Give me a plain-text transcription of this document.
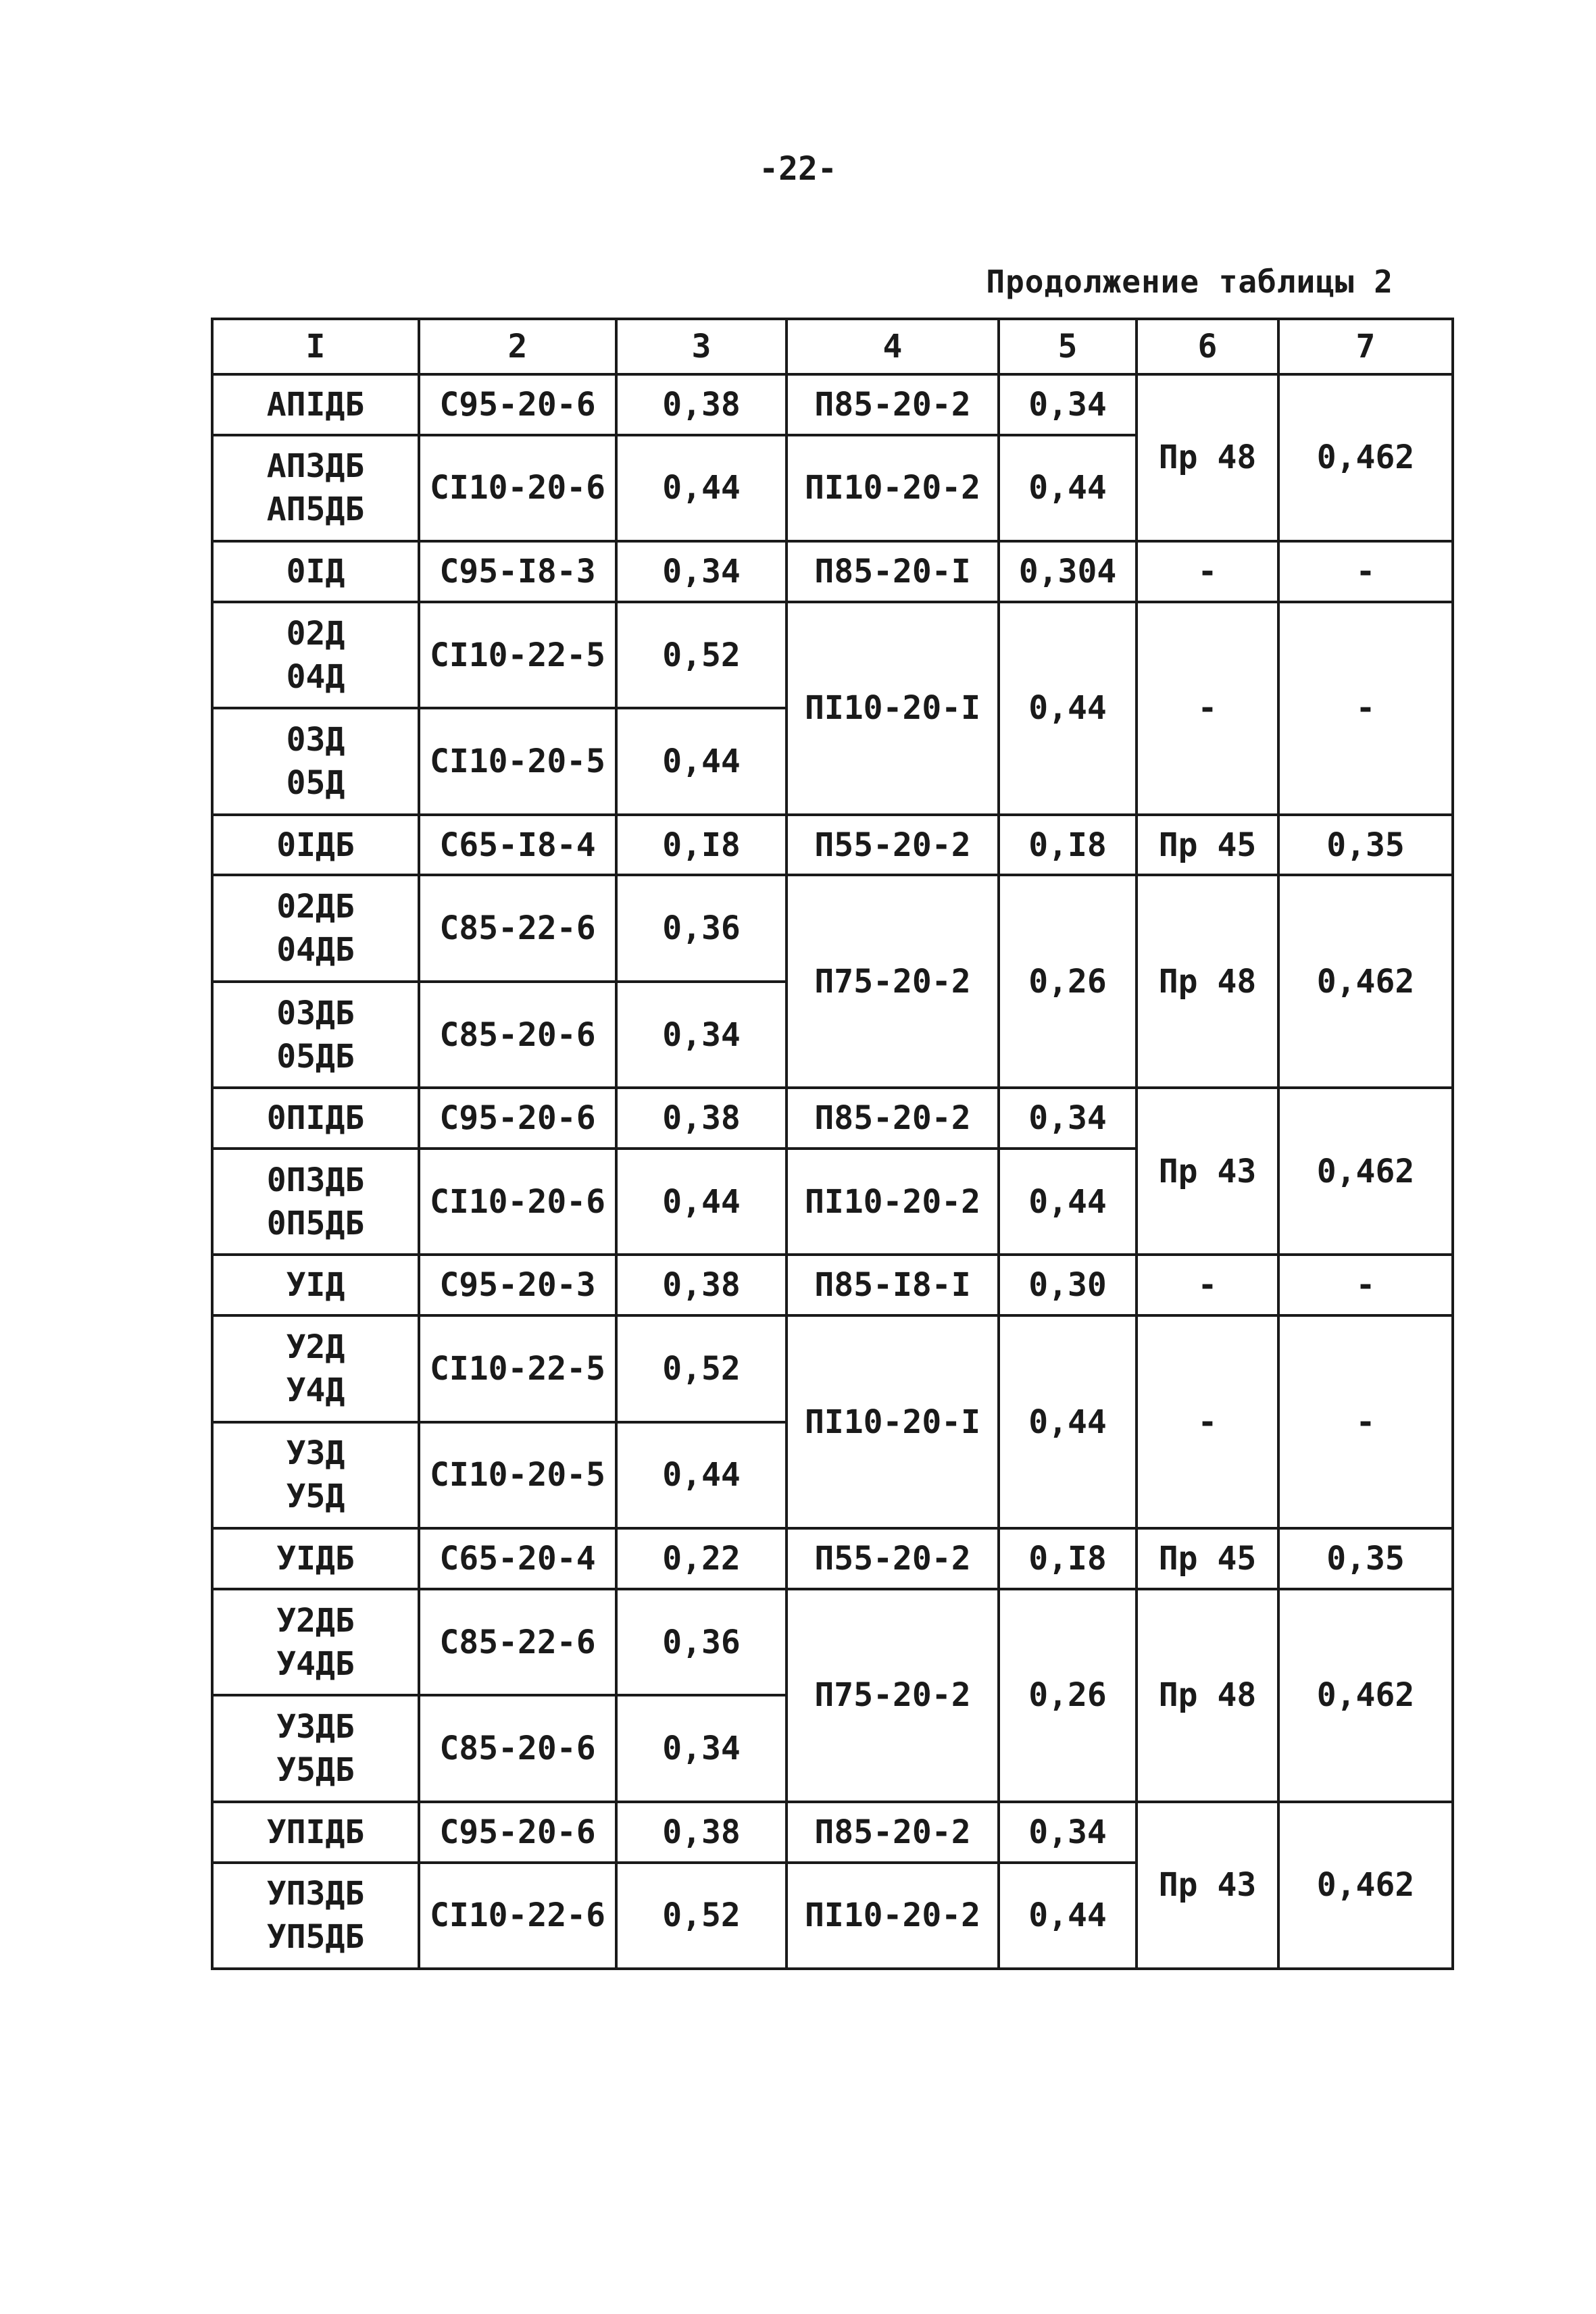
-22-
Продолжение таблицы 2
I	2	3	4	5	6	7

АПIДБ	С95-20-6	0,38	П85-20-2	0,34	Пр 48	0,462

АП3ДБ
АП5ДБ	СI10-20-6	0,44	ПI10-20-2	0,44		

0IД	С95-I8-3	0,34	П85-20-I	0,304	-	-

02Д
04Д	СI10-22-5	0,52	ПI10-20-I	0,44	-	-

03Д
05Д	СI10-20-5	0,44				

0IДБ	С65-I8-4	0,I8	П55-20-2	0,I8	Пр 45	0,35

02ДБ
04ДБ	С85-22-6	0,36	П75-20-2	0,26	Пр 48	0,462

03ДБ
05ДБ	С85-20-6	0,34				

0ПIДБ	С95-20-6	0,38	П85-20-2	0,34	Пр 43	0,462

0П3ДБ
0П5ДБ	СI10-20-6	0,44	ПI10-20-2	0,44		

УIД	С95-20-3	0,38	П85-I8-I	0,30	-	-

У2Д
У4Д	СI10-22-5	0,52	ПI10-20-I	0,44	-	-

У3Д
У5Д	СI10-20-5	0,44				

УIДБ	С65-20-4	0,22	П55-20-2	0,I8	Пр 45	0,35

У2ДБ
У4ДБ	С85-22-6	0,36	П75-20-2	0,26	Пр 48	0,462

У3ДБ
У5ДБ	С85-20-6	0,34				

УПIДБ	С95-20-6	0,38	П85-20-2	0,34	Пр 43	0,462

УП3ДБ
УП5ДБ	СI10-22-6	0,52	ПI10-20-2	0,44		
